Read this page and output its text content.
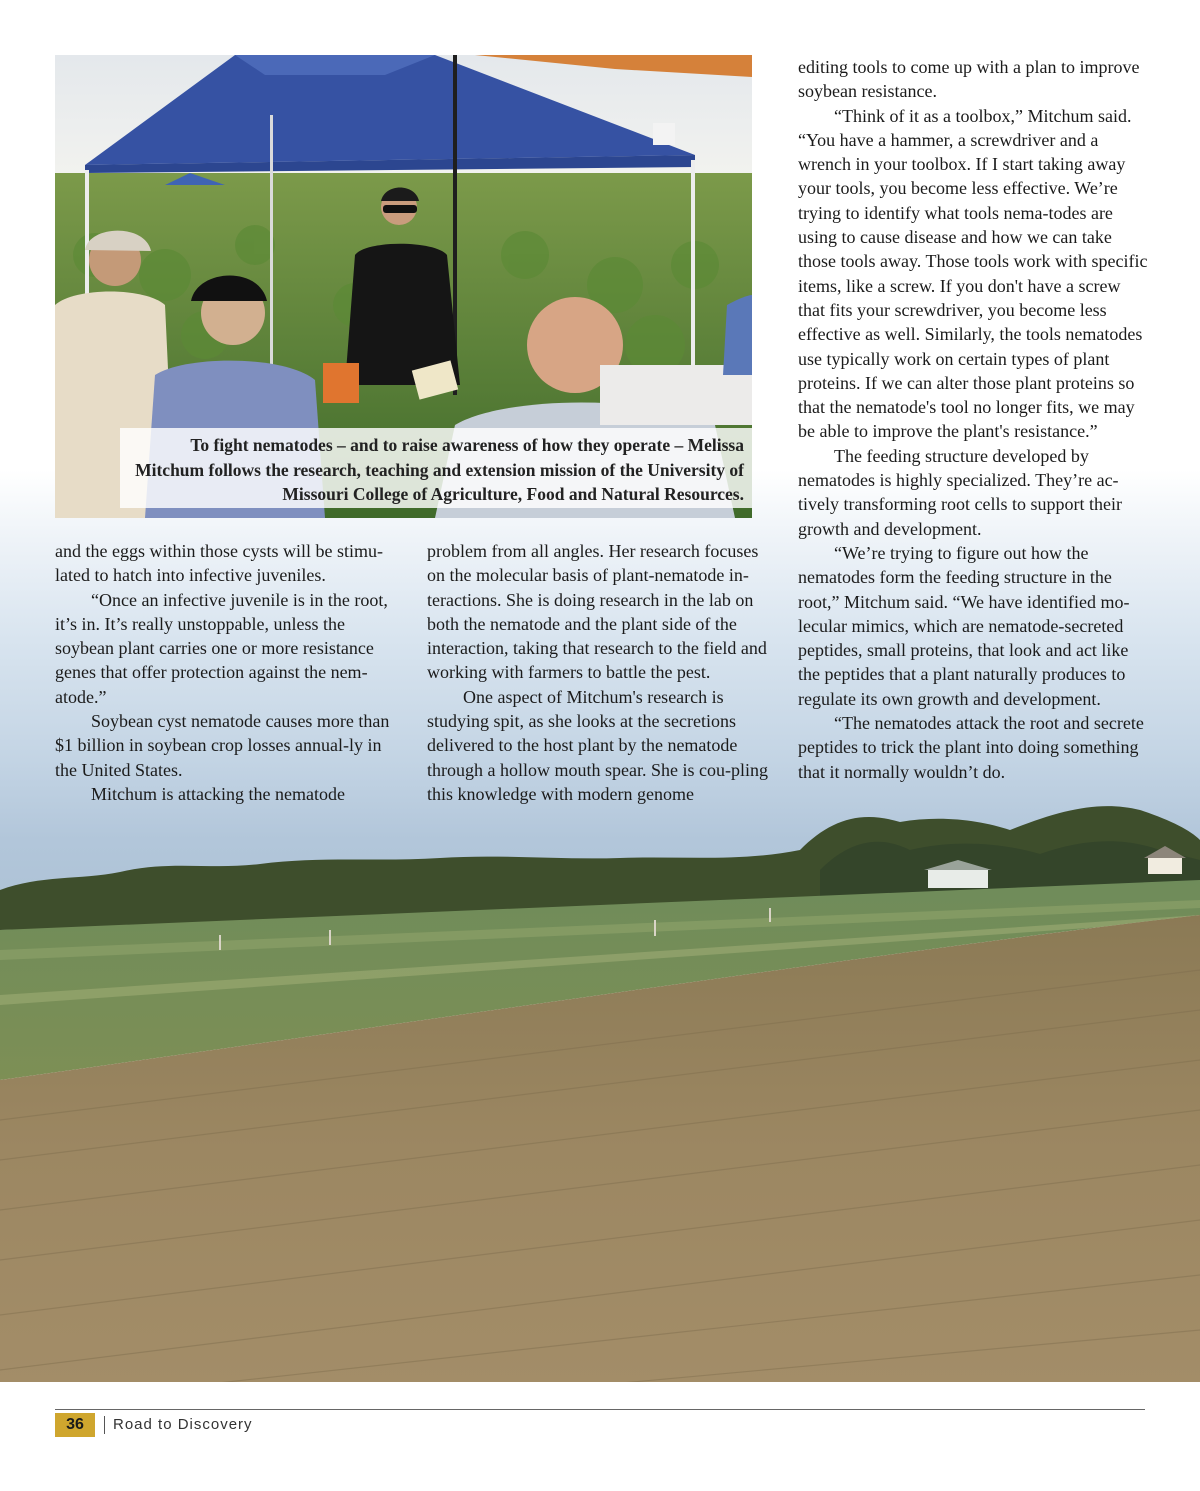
To fight nematodes – and to raise awareness of how they operate – Melissa Mitchum follows the research, teaching and extension mission of the University of Missouri College of Agriculture, Food and Natural Resources.

and the eggs within those cysts will be stimu-lated to hatch into infective juveniles.

“Once an infective juvenile is in the root, it’s in. It’s really unstoppable, unless the soybean plant carries one or more resistance genes that offer protection against the nem-atode.”

Soybean cyst nematode causes more than $1 billion in soybean crop losses annual-ly in the United States.

Mitchum is attacking the nematode

problem from all angles. Her research focuses on the molecular basis of plant-nematode in-teractions. She is doing research in the lab on both the nematode and the plant side of the interaction, taking that research to the field and working with farmers to battle the pest.

One aspect of Mitchum's research is studying spit, as she looks at the secretions delivered to the host plant by the nematode through a hollow mouth spear. She is cou-pling this knowledge with modern genome

editing tools to come up with a plan to improve soybean resistance.

“Think of it as a toolbox,” Mitchum said. “You have a hammer, a screwdriver and a wrench in your toolbox. If I start taking away your tools, you become less effective. We’re trying to identify what tools nema-todes are using to cause disease and how we can take those tools away. Those tools work with specific items, like a screw. If you don't have a screw that fits your screwdriver, you become less effective as well. Similarly, the tools nematodes use typically work on certain types of plant proteins. If we can alter those plant proteins so that the nematode's tool no longer fits, we may be able to improve the plant's resistance.”

The feeding structure developed by nematodes is highly specialized. They’re ac-tively transforming root cells to support their growth and development.

“We’re trying to figure out how the nematodes form the feeding structure in the root,” Mitchum said. “We have identified mo-lecular mimics, which are nematode-secreted peptides, small proteins, that look and act like the peptides that a plant naturally produces to regulate its own growth and development.

“The nematodes attack the root and secrete peptides to trick the plant into doing something that it normally wouldn’t do.

36	Road to Discovery
